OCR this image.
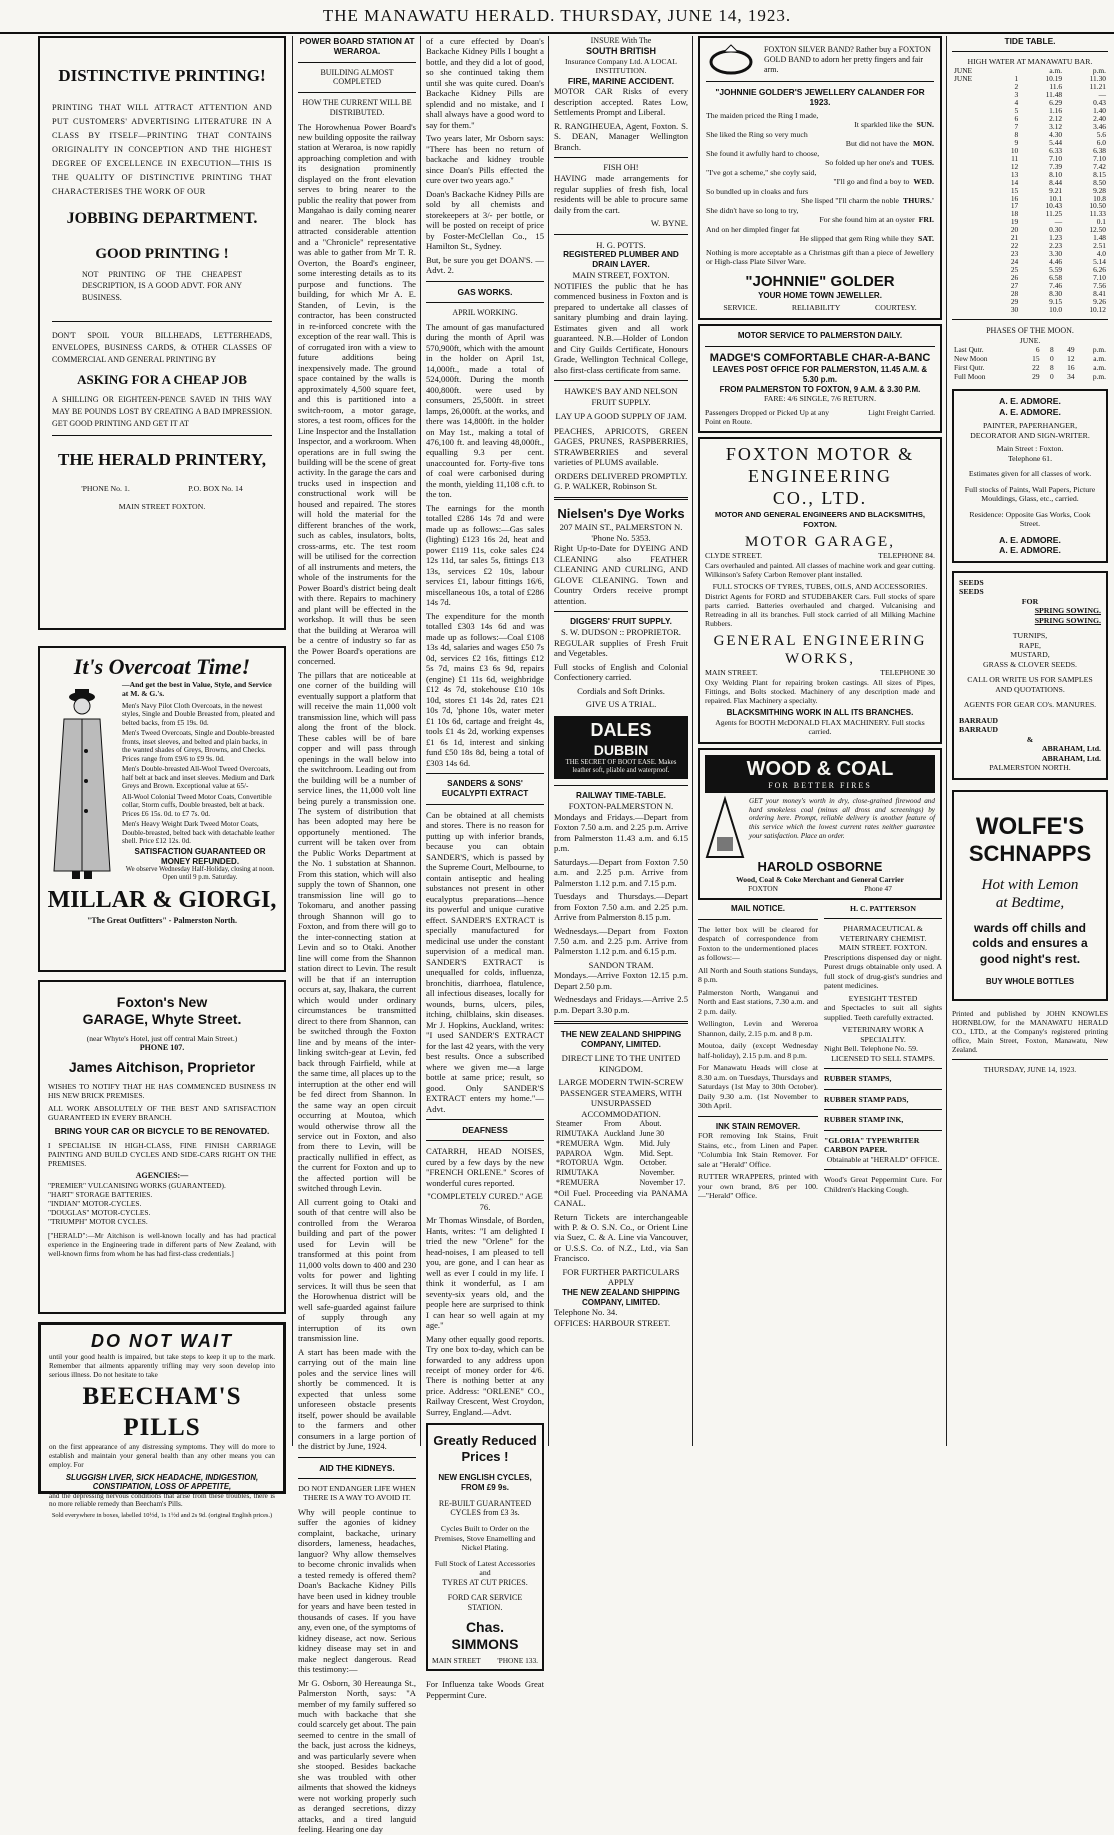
THE MANAWATU HERALD. THURSDAY, JUNE 14, 1923.
DISTINCTIVE PRINTING!

PRINTING THAT WILL ATTRACT ATTENTION AND PUT CUSTOMERS' ADVERTISING LITERATURE IN A CLASS BY ITSELF—PRINTING THAT CONTAINS ORIGINALITY IN CONCEPTION AND THE HIGHEST DEGREE OF EXCELLENCE IN EXECUTION—THIS IS THE QUALITY OF DISTINCTIVE PRINTING THAT CHARACTERISES THE WORK OF OUR

JOBBING DEPARTMENT.
GOOD PRINTING !

NOT PRINTING OF THE CHEAPEST DESCRIPTION, IS A GOOD ADVT. FOR ANY BUSINESS.

DON'T SPOIL YOUR BILLHEADS, LETTERHEADS, ENVELOPES, BUSINESS CARDS, & OTHER CLASSES OF COMMERCIAL AND GENERAL PRINTING BY

ASKING FOR A CHEAP JOB

A SHILLING OR EIGHTEEN-PENCE SAVED IN THIS WAY MAY BE POUNDS LOST BY CREATING A BAD IMPRESSION. GET GOOD PRINTING AND GET IT AT

THE HERALD PRINTERY,
'PHONE No. 1.	P.O. BOX No. 14
MAIN STREET FOXTON.
It's Overcoat Time!
—And get the best in Value, Style, and Service at M. & G.'s.
Men's Navy Pilot Cloth Overcoats, in the newest styles, Single and Double Breasted from, pleated and belted backs, from £5 19s. 0d.
Men's Tweed Overcoats, Single and Double-breasted fronts, inset sleeves, and belted and plain backs, in the wanted shades of Greys, Browns, and Checks. Prices range from £9/6 to £9 9s. 0d.
Men's Double-breasted All-Wool Tweed Overcoats, half belt at back and inset sleeves. Medium and Dark Greys and Brown. Exceptional value at 65/-
All-Wool Colonial Tweed Motor Coats, Convertible collar, Storm cuffs, Double breasted, belt at back. Prices £6 15s. 0d. to £7 7s. 0d.
Men's Heavy Weight Dark Tweed Motor Coats, Double-breasted, belted back with detachable leather shell. Price £12 12s. 0d.
SATISFACTION GUARANTEED OR MONEY REFUNDED.
We observe Wednesday Half-Holiday, closing at noon. Open until 9 p.m. Saturday.
MILLAR & GIORGI,
"The Great Outfitters" - Palmerston North.
Foxton's New
GARAGE, Whyte Street.
(near Whyte's Hotel, just off central Main Street.)
PHONE 107.
James Aitchison, Proprietor

WISHES TO NOTIFY THAT HE HAS COMMENCED BUSINESS IN HIS NEW BRICK PREMISES.

ALL WORK ABSOLUTELY OF THE BEST AND SATISFACTION GUARANTEED IN EVERY BRANCH.

BRING YOUR CAR OR BICYCLE TO BE RENOVATED.

I SPECIALISE IN HIGH-CLASS, FINE FINISH CARRIAGE PAINTING AND BUILD CYCLES AND SIDE-CARS RIGHT ON THE PREMISES.

AGENCIES:—
"PREMIER" VULCANISING WORKS (GUARANTEED).
"HART" STORAGE BATTERIES.
"INDIAN" MOTOR-CYCLES.
"DOUGLAS" MOTOR-CYCLES.
"TRIUMPH" MOTOR CYCLES.

["HERALD":—Mr Aitchison is well-known locally and has had practical experience in the Engineering trade in different parts of New Zealand, with well-known firms from whom he has had first-class credentials.]

DO NOT WAIT

until your good health is impaired, but take steps to keep it up to the mark. Remember that ailments apparently trifling may very soon develop into serious illness. Do not hesitate to take

BEECHAM'S PILLS

on the first appearance of any distressing symptoms. They will do more to establish and maintain your general health than any other means you can employ. For

SLUGGISH LIVER, SICK HEADACHE, INDIGESTION, CONSTIPATION, LOSS OF APPETITE,

and the depressing nervous conditions that arise from these troubles, there is no more reliable remedy than Beecham's Pills.

Sold everywhere in boxes, labelled 10½d, 1s 1½d and 2s 9d. (original English prices.)
POWER BOARD STATION AT WERAROA.
BUILDING ALMOST COMPLETED
HOW THE CURRENT WILL BE DISTRIBUTED.

The Horowhenua Power Board's new building opposite the railway station at Weraroa, is now rapidly approaching completion and with its designation prominently displayed on the front elevation serves to bring nearer to the public the reality that power from Mangahao is daily coming nearer and nearer. The block has attracted considerable attention and a "Chronicle" representative was able to gather from Mr T. R. Overton, the Board's engineer, some interesting details as to its purpose and functions. The building, for which Mr A. E. Standen, of Levin, is the contractor, has been constructed in re-inforced concrete with the exception of the rear wall. This is of corrugated iron with a view to future additions being inexpensively made. The ground space contained by the walls is approximately 4,500 square feet, and this is partitioned into a switch-room, a motor garage, stores, a test room, offices for the Line Inspector and the Installation Inspector, and a workroom. When operations are in full swing the building will be the scene of great activity. In the garage the cars and trucks used in inspection and constructional work will be housed and repaired. The stores will hold the material for the different branches of the work, such as cables, insulators, bolts, cross-arms, etc. The test room will be utilised for the correction of all instruments and meters, the whole of the instruments for the Power Board's district being dealt with there. Repairs to machinery and plant will be effected in the workshop. It will thus be seen that the building at Weraroa will be a centre of industry so far as the Power Board's operations are concerned.

The pillars that are noticeable at one corner of the building will eventually support a platform that will receive the main 11,000 volt transmission line, which will pass along the front of the block. These cables will be of bare copper and will pass through openings in the wall below into the switchroom. Leading out from the building will be a number of service lines, the 11,000 volt line being purely a transmission one. The system of distribution that has been adopted may here be opportunely mentioned. The current will be taken over from the Public Works Department at the No. 1 substation at Shannon. From this station, which will also supply the town of Shannon, one transmission line will go to Tokomaru, and another passing through Shannon will go to Foxton, and from there will go to the inter-connecting station at Levin and so to Otaki. Another line will come from the Shannon station direct to Levin. The result will be that if an interruption occurs at, say, Ihakara, the current which would under ordinary circumstances be transmitted direct to there from Shannon, can be switched through the Foxton line and by means of the inter-linking switch-gear at Levin, fed back through Fairfield, while at the same time, all places up to the interruption at the other end will be fed direct from Shannon. In the same way an open circuit occurring at Moutoa, which would otherwise throw all the service out in Foxton, and also from there to Levin, will be practically nullified in effect, as the current for Foxton and up to the affected portion will be switched through Levin.

All current going to Otaki and south of that centre will also be controlled from the Weraroa building and part of the power used for Levin will be transformed at this point from 11,000 volts down to 400 and 230 volts for power and lighting services. It will thus be seen that the Horowhenua district will be well safe-guarded against failure of supply through any interruption of its own transmission line.

A start has been made with the carrying out of the main line poles and the service lines will shortly be commenced. It is expected that unless some unforeseen obstacle presents itself, power should be available to the farmers and other consumers in a large portion of the district by June, 1924.

AID THE KIDNEYS.
DO NOT ENDANGER LIFE WHEN THERE IS A WAY TO AVOID IT.

Why will people continue to suffer the agonies of kidney complaint, backache, urinary disorders, lameness, headaches, languor? Why allow themselves to become chronic invalids when a tested remedy is offered them? Doan's Backache Kidney Pills have been used in kidney trouble for years and have been tested in thousands of cases. If you have any, even one, of the symptoms of kidney disease, act now. Serious kidney disease may set in and make neglect dangerous. Read this testimony:—

Mr G. Osborn, 30 Hereaunga St., Palmerston North, says: "A member of my family suffered so much with backache that she could scarcely get about. The pain seemed to centre in the small of the back, just across the kidneys, and was particularly severe when she stooped. Besides backache she was troubled with other ailments that showed the kidneys were not working properly such as deranged secretions, dizzy attacks, and a tired languid feeling. Hearing one day

of a cure effected by Doan's Backache Kidney Pills I bought a bottle, and they did a lot of good, so she continued taking them until she was quite cured. Doan's Backache Kidney Pills are splendid and no mistake, and I shall always have a good word to say for them."

Two years later, Mr Osborn says: "There has been no return of backache and kidney trouble since Doan's Pills effected the cure over two years ago."

Doan's Backache Kidney Pills are sold by all chemists and storekeepers at 3/- per bottle, or will be posted on receipt of price by Foster-McClellan Co., 15 Hamilton St., Sydney.

But, be sure you get DOAN'S. —Advt. 2.

GAS WORKS.
APRIL WORKING.

The amount of gas manufactured during the month of April was 570,900ft, which with the amount in the holder on April 1st, 14,000ft., made a total of 524,000ft. During the month 400,800ft. were used by consumers, 25,500ft. in street lamps, 26,000ft. at the works, and there was 14,800ft. in the holder on May 1st., making a total of 476,100 ft. and leaving 48,000ft., equalling 9.3 per cent. unaccounted for. Forty-five tons of coal were carbonised during the month, yielding 11,108 c.ft. to the ton.

The earnings for the month totalled £286 14s 7d and were made up as follows:—Gas sales (lighting) £123 16s 2d, heat and power £119 11s, coke sales £24 12s 11d, tar sales 5s, fittings £13 13s, services £2 10s, labour services £1, labour fittings 16/6, miscellaneous 10s, a total of £286 14s 7d.

The expenditure for the month totalled £303 14s 6d and was made up as follows:—Coal £108 13s 4d, salaries and wages £50 7s 0d, services £2 16s, fittings £12 5s 7d, mains £3 6s 9d, repairs (engine) £1 11s 6d, weighbridge £12 4s 7d, stokehouse £10 10s 10d, stores £1 14s 2d, rates £21 10s 7d, 'phone 10s, water meter £1 10s 6d, cartage and freight 4s, tools £1 4s 2d, working expenses £1 6s 1d, interest and sinking fund £50 18s 8d, being a total of £303 14s 6d.

SANDERS & SONS' EUCALYPTI EXTRACT

Can be obtained at all chemists and stores. There is no reason for putting up with inferior brands, because you can obtain SANDER'S, which is passed by the Supreme Court, Melbourne, to contain antiseptic and healing substances not present in other eucalyptus preparations—hence its powerful and unique curative effect. SANDER'S EXTRACT is specially manufactured for medicinal use under the constant supervision of a medical man. SANDER'S EXTRACT is unequalled for colds, influenza, bronchitis, diarrhoea, flatulence, all infectious diseases, locally for wounds, burns, ulcers, piles, itching, chilblains, skin diseases. Mr J. Hopkins, Auckland, writes: "I used SANDER'S EXTRACT for the last 42 years, with the very best results. Once a subscribed where we given me—a large bottle at same price; result, so good. Only SANDER'S EXTRACT enters my home."—Advt.

DEAFNESS

CATARRH, HEAD NOISES, cured by a few days by the new "FRENCH ORLENE." Scores of wonderful cures reported.

"COMPLETELY CURED." AGE 76.

Mr Thomas Winsdale, of Borden, Hants, writes: "I am delighted I tried the new "Orlene" for the head-noises, I am pleased to tell you, are gone, and I can hear as well as ever I could in my life. I think it wonderful, as I am seventy-six years old, and the people here are surprised to think I can hear so well again at my age."

Many other equally good reports. Try one box to-day, which can be forwarded to any address upon receipt of money order for 4/6. There is nothing better at any price. Address: "ORLENE" CO., Railway Crescent, West Croydon, Surrey, England.—Advt.

Greatly Reduced Prices !
NEW ENGLISH CYCLES, FROM £9 9s.
RE-BUILT GUARANTEED CYCLES from £3 3s.
Cycles Built to Order on the Premises, Stove Enamelling and Nickel Plating.
Full Stock of Latest Accessories and
TYRES AT CUT PRICES.
FORD CAR SERVICE STATION.
Chas. SIMMONS
MAIN STREET 'PHONE 133.

For Influenza take Woods Great Peppermint Cure.

INSURE With The
SOUTH BRITISH
Insurance Company Ltd. A LOCAL INSTITUTION.
FIRE, MARINE ACCIDENT.

MOTOR CAR Risks of every description accepted. Rates Low, Settlements Prompt and Liberal.

R. RANGIHEUEA, Agent, Foxton. S. S. DEAN, Manager Wellington Branch.

FISH OH!

HAVING made arrangements for regular supplies of fresh fish, local residents will be able to procure same daily from the cart.

W. BYNE.
H. G. POTTS.
REGISTERED PLUMBER AND DRAIN LAYER.
MAIN STREET, FOXTON.

NOTIFIES the public that he has commenced business in Foxton and is prepared to undertake all classes of sanitary plumbing and drain laying. Estimates given and all work guaranteed. N.B.—Holder of London and City Guilds Certificate, Honours Grade, Wellington Technical College, also first-class certificate from same.

HAWKE'S BAY AND NELSON FRUIT SUPPLY.
LAY UP A GOOD SUPPLY OF JAM.

PEACHES, APRICOTS, GREEN GAGES, PRUNES, RASPBERRIES, STRAWBERRIES and several varieties of PLUMS available.

ORDERS DELIVERED PROMPTLY.
G. P. WALKER, Robinson St.
Nielsen's Dye Works
207 MAIN ST., PALMERSTON N. 'Phone No. 5353.

Right Up-to-Date for DYEING AND CLEANING also FEATHER CLEANING AND CURLING, AND GLOVE CLEANING. Town and Country Orders receive prompt attention.

DIGGERS' FRUIT SUPPLY.
S. W. DUDSON :: PROPRIETOR.

REGULAR supplies of Fresh Fruit and Vegetables.

Full stocks of English and Colonial Confectionery carried.

Cordials and Soft Drinks.
GIVE US A TRIAL.
DALES
DUBBIN
THE SECRET OF BOOT EASE. Makes leather soft, pliable and waterproof.
RAILWAY TIME-TABLE.
FOXTON-PALMERSTON N.

Mondays and Fridays.—Depart from Foxton 7.50 a.m. and 2.25 p.m. Arrive from Palmerston 11.43 a.m. and 6.15 p.m.

Saturdays.—Depart from Foxton 7.50 a.m. and 2.25 p.m. Arrive from Palmerston 1.12 p.m. and 7.15 p.m.

Tuesdays and Thursdays.—Depart from Foxton 7.50 a.m. and 2.25 p.m. Arrive from Palmerston 8.15 p.m.

Wednesdays.—Depart from Foxton 7.50 a.m. and 2.25 p.m. Arrive from Palmerston 1.12 p.m. and 6.15 p.m.

SANDON TRAM.

Mondays.—Arrive Foxton 12.15 p.m. Depart 2.50 p.m.

Wednesdays and Fridays.—Arrive 2.5 p.m. Depart 3.30 p.m.

THE NEW ZEALAND SHIPPING COMPANY, LIMITED.
DIRECT LINE TO THE UNITED KINGDOM.
LARGE MODERN TWIN-SCREW PASSENGER STEAMERS, WITH UNSURPASSED ACCOMMODATION.
Steamer	From	About.
RIMUTAKA	Auckland	June 30
*REMUERA	Wgtn.	Mid. July
PAPAROA	Wgtn.	Mid. Sept.
*ROTORUA	Wgtn.	October.
RIMUTAKA		November.
*REMUERA		November 17.

*Oil Fuel. Proceeding via PANAMA CANAL.

Return Tickets are interchangeable with P. & O. S.N. Co., or Orient Line via Suez, C. & A. Line via Vancouver, or U.S.S. Co. of N.Z., Ltd., via San Francisco.

FOR FURTHER PARTICULARS APPLY
THE NEW ZEALAND SHIPPING COMPANY, LIMITED.
Telephone No. 34.
OFFICES: HARBOUR STREET.
FOXTON SILVER BAND? Rather buy a FOXTON GOLD BAND to adorn her pretty fingers and fair arm.
"JOHNNIE GOLDER'S JEWELLERY CALANDER FOR 1923.
The maiden priced the Ring I made,
It sparkled like the SUN.
She liked the Ring so very much
But did not have the MON.
She found it awfully hard to choose,
So folded up her one's and TUES.
"I've got a scheme," she coyly said,
"I'll go and find a boy to WED.
So bundled up in cloaks and furs
She lisped "I'll charm the noble THURS.'
She didn't have so long to try,
For she found him at an oyster FRI.
And on her dimpled finger fat
He slipped that gem Ring while they SAT.

Nothing is more acceptable as a Christmas gift than a piece of Jewellery or High-class Plate Silver Ware.

"JOHNNIE" GOLDER
YOUR HOME TOWN JEWELLER.
SERVICE.	RELIABILITY	COURTESY.
MOTOR SERVICE TO PALMERSTON DAILY.
MADGE'S COMFORTABLE CHAR-A-BANC
LEAVES POST OFFICE FOR PALMERSTON, 11.45 A.M. & 5.30 p.m.
FROM PALMERSTON TO FOXTON, 9 A.M. & 3.30 P.M.
FARE: 4/6 SINGLE, 7/6 RETURN.
Passengers Dropped or Picked Up at any Point en Route.
Light Freight Carried.
FOXTON MOTOR &
ENGINEERING
CO., LTD.
MOTOR AND GENERAL ENGINEERS AND BLACKSMITHS, FOXTON.
MOTOR GARAGE,
CLYDE STREET.	TELEPHONE 84.

Cars overhauled and painted. All classes of machine work and gear cutting. Wilkinson's Safety Carbon Remover plant installed.

FULL STOCKS OF TYRES, TUBES, OILS, AND ACCESSORIES.

District Agents for FORD and STUDEBAKER Cars. Full stocks of spare parts carried. Batteries overhauled and charged. Vulcanising and Retreading in all its branches. Full stock carried of all Milking Machine Rubbers.

GENERAL ENGINEERING WORKS,
MAIN STREET.	TELEPHONE 30

Oxy Welding Plant for repairing broken castings. All sizes of Pipes, Fittings, and Bolts stocked. Machinery of any description made and repaired. Flax Machinery a specialty.

BLACKSMITHING WORK IN ALL ITS BRANCHES.
Agents for BOOTH McDONALD FLAX MACHINERY. Full stocks carried.
WOOD & COAL
FOR BETTER FIRES

GET your money's worth in dry, close-grained firewood and hard smokeless coal (minus all dross and screenings) by ordering here. Prompt, reliable delivery is another feature of this service which the lowest current rates neither guarantee your satisfaction. Place an order.

HAROLD OSBORNE
Wood, Coal & Coke Merchant and General Carrier
FOXTON	Phone 47
MAIL NOTICE.

The letter box will be cleared for despatch of correspondence from Foxton to the undermentioned places as follows:—

All North and South stations Sundays, 8 p.m.

Palmerston North, Wanganui and North and East stations, 7.30 a.m. and 2 p.m. daily.

Wellington, Levin and Wereroa Shannon, daily, 2.15 p.m. and 8 p.m.

Moutoa, daily (except Wednesday half-holiday), 2.15 p.m. and 8 p.m.

For Manawatu Heads will close at 8.30 a.m. on Tuesdays, Thursdays and Saturdays (1st May to 30th October). Daily 9.30 a.m. (1st November to 30th April.

INK STAIN REMOVER.

FOR removing Ink Stains, Fruit Stains, etc., from Linen and Paper. "Columbia Ink Stain Remover. For sale at "Herald" Office.

RUTTER WRAPPERS, printed with your own brand, 8/6 per 100. —"Herald" Office.

H. C. PATTERSON
PHARMACEUTICAL & VETERINARY CHEMIST.
MAIN STREET. FOXTON.

Prescriptions dispensed day or night. Purest drugs obtainable only used. A full stock of drug-gist's sundries and patent medicines.

EYESIGHT TESTED

and Spectacles to suit all sights supplied. Teeth carefully extracted.

VETERINARY WORK A SPECIALITY.
Night Bell. Telephone No. 59.
LICENSED TO SELL STAMPS.
RUBBER STAMPS,
RUBBER STAMP PADS,
RUBBER STAMP INK,
"GLORIA" TYPEWRITER CARBON PAPER.
Obtainable at "HERALD" OFFICE.

Wood's Great Peppermint Cure. For Children's Hacking Cough.

TIDE TABLE.
HIGH WATER AT MANAWATU BAR.
JUNE		a.m.	p.m.
JUNE	1	10.19	11.30
	2	11.6	11.21
	3	11.48	—
	4	6.29	0.43
	5	1.16	1.40
	6	2.12	2.40
	7	3.12	3.46
	8	4.30	5.6
	9	5.44	6.0
	10	6.33	6.38
	11	7.10	7.10
	12	7.39	7.42
	13	8.10	8.15
	14	8.44	8.50
	15	9.21	9.28
	16	10.1	10.8
	17	10.43	10.50
	18	11.25	11.33
	19	—	0.1
	20	0.30	12.50
	21	1.23	1.48
	22	2.23	2.51
	23	3.30	4.0
	24	4.46	5.14
	25	5.59	6.26
	26	6.58	7.10
	27	7.46	7.56
	28	8.30	8.41
	29	9.15	9.26
	30	10.0	10.12
PHASES OF THE MOON.
JUNE.
Last Qutr.	6	8	49	p.m.
New Moon	15	0	12	a.m.
First Qutr.	22	8	16	a.m.
Full Moon	29	0	34	p.m.
A. E. ADMORE.
A. E. ADMORE.
PAINTER, PAPERHANGER, DECORATOR AND SIGN-WRITER.
Main Street : Foxton.
Telephone 61.
Estimates given for all classes of work.
Full stocks of Paints, Wall Papers, Picture Mouldings, Glass, etc., carried.
Residence: Opposite Gas Works, Cook Street.
A. E. ADMORE.
A. E. ADMORE.
SEEDS
SEEDS
FOR
SPRING SOWING.
SPRING SOWING.
TURNIPS,
RAPE,
MUSTARD,
GRASS & CLOVER SEEDS.
CALL OR WRITE US FOR SAMPLES AND QUOTATIONS.
AGENTS FOR GEAR CO's. MANURES.
BARRAUD
BARRAUD
&
ABRAHAM, Ltd.
ABRAHAM, Ltd.
PALMERSTON NORTH.
WOLFE'S
SCHNAPPS
Hot with Lemon
at Bedtime,
wards off chills and colds and ensures a good night's rest.
BUY WHOLE BOTTLES

Printed and published by JOHN KNOWLES HORNBLOW, for the MANAWATU HERALD CO., LTD., at the Company's registered printing office, Main Street, Foxton, Manawatu, New Zealand.

THURSDAY, JUNE 14, 1923.
